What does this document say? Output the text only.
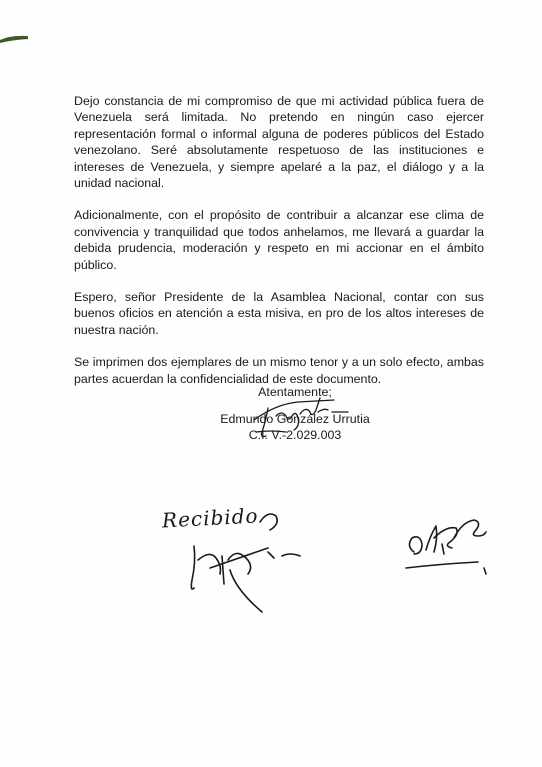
Dejo constancia de mi compromiso de que mi actividad pública fuera de Venezuela será limitada. No pretendo en ningún caso ejercer representación formal o informal alguna de poderes públicos del Estado venezolano. Seré absolutamente respetuoso de las instituciones e intereses de Venezuela, y siempre apelaré a la paz, el diálogo y a la unidad nacional.

Adicionalmente, con el propósito de contribuir a alcanzar ese clima de convivencia y tranquilidad que todos anhelamos, me llevará a guardar la debida prudencia, moderación y respeto en mi accionar en el ámbito público.

Espero, señor Presidente de la Asamblea Nacional, contar con sus buenos oficios en atención a esta misiva, en pro de los altos intereses de nuestra nación.

Se imprimen dos ejemplares de un mismo tenor y a un solo efecto, ambas partes acuerdan la confidencialidad de este documento.

Atentamente;
Edmundo González Urrutia
C.I. V.-2.029.003
Recibido
